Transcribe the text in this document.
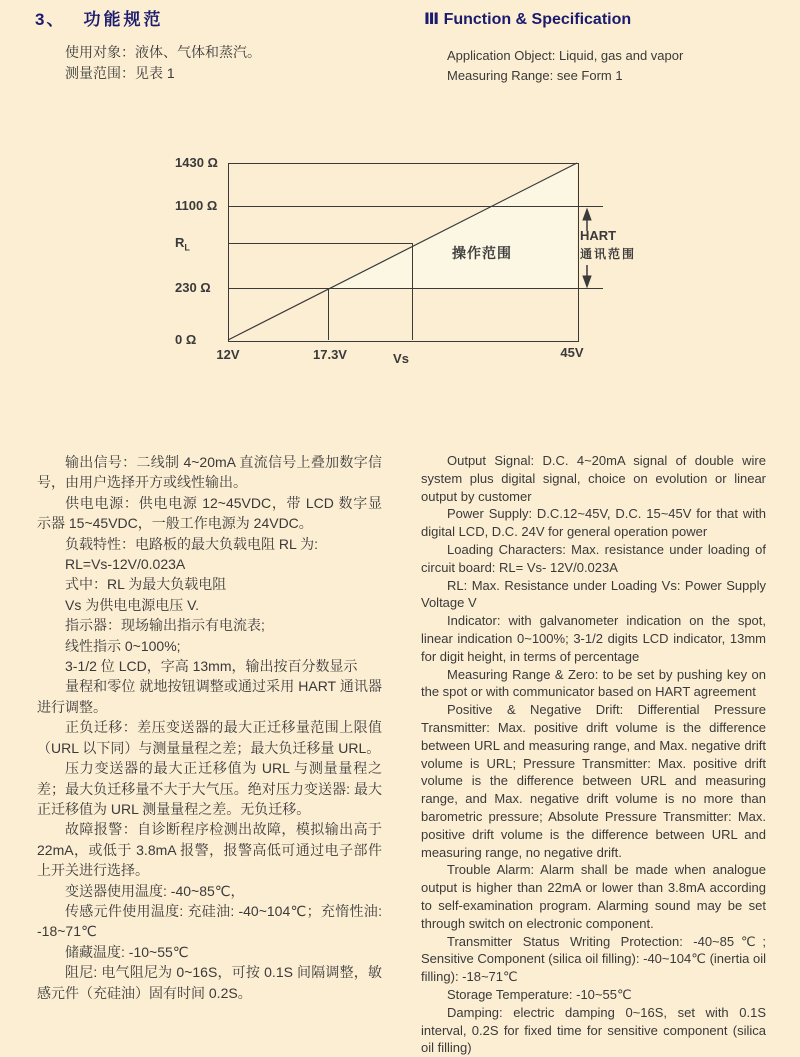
3、 功能规范	Ⅲ Function & Specification
使用对象：液体、气体和蒸汽。
测量范围：见表 1
Application Object: Liquid, gas and vapor
Measuring Range: see Form 1
1430 Ω
1100 Ω
$R_L$
230 Ω
0 Ω
12V	17.3V	Vs	45V
操作范围
HART
通讯范围

输出信号：二线制 4~20mA 直流信号上叠加数字信号，由用户选择开方或线性输出。

供电电源：供电电源 12~45VDC，带 LCD 数字显示器 15~45VDC，一般工作电源为 24VDC。

负载特性：电路板的最大负载电阻 RL 为:

RL=Vs-12V/0.023A

式中：RL 为最大负载电阻

Vs 为供电电源电压 V.

指示器：现场输出指示有电流表;

线性指示 0~100%;

3-1/2 位 LCD，字高 13mm，输出按百分数显示

量程和零位 就地按钮调整或通过采用 HART 通讯器进行调整。

正负迁移：差压变送器的最大正迁移量范围上限值（URL 以下同）与测量量程之差；最大负迁移量 URL。

压力变送器的最大正迁移值为 URL 与测量量程之差；最大负迁移量不大于大气压。绝对压力变送器: 最大正迁移值为 URL 测量量程之差。无负迁移。

故障报警：自诊断程序检测出故障，模拟输出高于 22mA，或低于 3.8mA 报警，报警高低可通过电子部件上开关进行选择。

变送器使用温度: -40~85℃，

传感元件使用温度: 充硅油: -40~104℃；充惰性油: -18~71℃

储藏温度: -10~55℃

阻尼: 电气阻尼为 0~16S，可按 0.1S 间隔调整，敏感元件（充硅油）固有时间 0.2S。

Output Signal: D.C. 4~20mA signal of double wire system plus digital signal, choice on evolution or linear output by customer

Power Supply: D.C.12~45V, D.C. 15~45V for that with digital LCD, D.C. 24V for general operation power

Loading Characters: Max. resistance under loading of circuit board: RL= Vs- 12V/0.023A

RL: Max. Resistance under Loading Vs: Power Supply Voltage V

Indicator: with galvanometer indication on the spot, linear indication 0~100%; 3-1/2 digits LCD indicator, 13mm for digit height, in terms of percentage

Measuring Range & Zero: to be set by pushing key on the spot or with communicator based on HART agreement

Positive & Negative Drift: Differential Pressure Transmitter: Max. positive drift volume is the difference between URL and measuring range, and Max. negative drift volume is URL; Pressure Transmitter: Max. positive drift volume is the difference between URL and measuring range, and Max. negative drift volume is no more than barometric pressure; Absolute Pressure Transmitter: Max. positive drift volume is the difference between URL and measuring range, no negative drift.

Trouble Alarm: Alarm shall be made when analogue output is higher than 22mA or lower than 3.8mA according to self-examination program. Alarming sound may be set through switch on electronic component.

Transmitter Status Writing Protection: -40~85℃; Sensitive Component (silica oil filling): -40~104℃ (inertia oil filling): -18~71℃

Storage Temperature: -10~55℃

Damping: electric damping 0~16S, set with 0.1S interval, 0.2S for fixed time for sensitive component (silica oil filling)
